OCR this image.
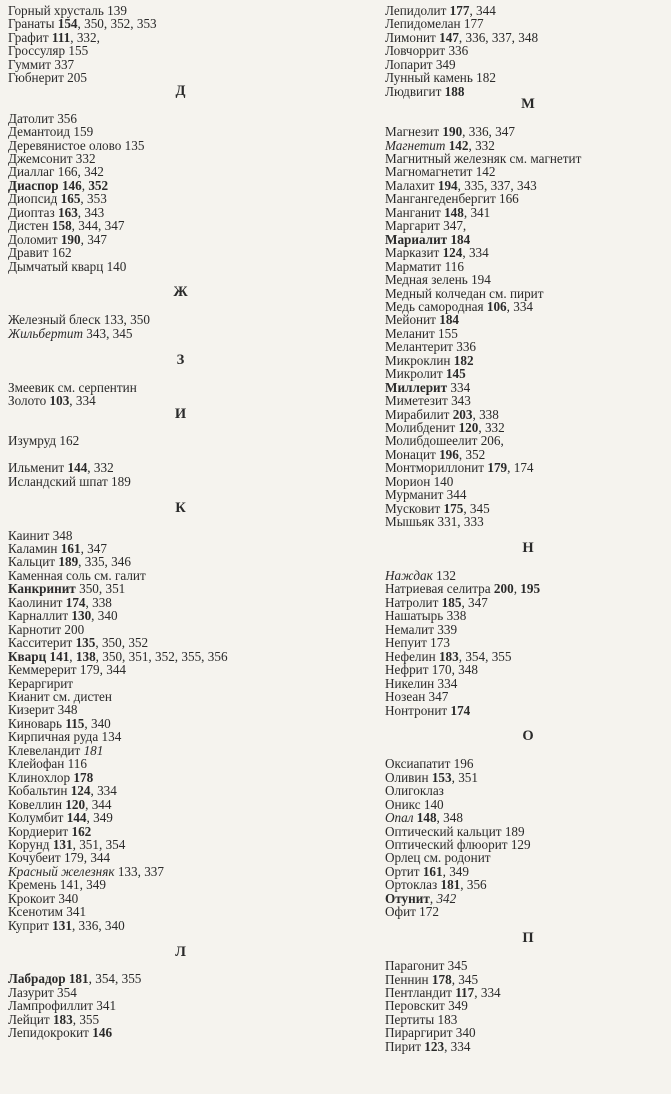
Горный хрусталь 139
Гранаты 154, 350, 352, 353
Графит 111, 332,
Гроссуляр 155
Гуммит 337
Гюбнерит 205
Д
Датолит 356
Демантоид 159
Деревянистое олово 135
Джемсонит 332
Диаллаг 166, 342
Диаспор 146, 352
Диопсид 165, 353
Диоптаз 163, 343
Дистен 158, 344, 347
Доломит 190, 347
Дравит 162
Дымчатый кварц 140
Ж
Железный блеск 133, 350
Жильбертит 343, 345
З
Змеевик см. серпентин
Золото 103, 334
И
Изумруд 162
Ильменит 144, 332
Исландский шпат 189
К
Каинит 348
Каламин 161, 347
Кальцит 189, 335, 346
Каменная соль см. галит
Канкринит 350, 351
Каолинит 174, 338
Карналлит 130, 340
Карнотит 200
Касситерит 135, 350, 352
Кварц 141, 138, 350, 351, 352, 355, 356
Кеммерерит 179, 344
Кераргирит
Кианит см. дистен
Кизерит 348
Киноварь 115, 340
Кирпичная руда 134
Клевеландит 181
Клейофан 116
Клинохлор 178
Кобальтин 124, 334
Ковеллин 120, 344
Колумбит 144, 349
Кордиерит 162
Корунд 131, 351, 354
Кочубеит 179, 344
Красный железняк 133, 337
Кремень 141, 349
Крокоит 340
Ксенотим 341
Куприт 131, 336, 340
Л
Лабрадор 181, 354, 355
Лазурит 354
Лампрофиллит 341
Лейцит 183, 355
Лепидокрокит 146
Лепидолит 177, 344
Лепидомелан 177
Лимонит 147, 336, 337, 348
Ловчоррит 336
Лопарит 349
Лунный камень 182
Людвигит 188
М
Магнезит 190, 336, 347
Магнетит 142, 332
Магнитный железняк см. магнетит
Магномагнетит 142
Малахит 194, 335, 337, 343
Мангангеденбергит 166
Манганит 148, 341
Маргарит 347,
Мариалит 184
Марказит 124, 334
Марматит 116
Медная зелень 194
Медный колчедан см. пирит
Медь самородная 106, 334
Мейонит 184
Меланит 155
Мелантерит 336
Микроклин 182
Микролит 145
Миллерит 334
Миметезит 343
Мирабилит 203, 338
Молибденит 120, 332
Молибдошеелит 206,
Монацит 196, 352
Монтмориллонит 179, 174
Морион 140
Мурманит 344
Мусковит 175, 345
Мышьяк 331, 333
Н
Наждак 132
Натриевая селитра 200, 195
Натролит 185, 347
Нашатырь 338
Немалит 339
Непуит 173
Нефелин 183, 354, 355
Нефрит 170, 348
Никелин 334
Нозеан 347
Нонтронит 174
О
Оксиапатит 196
Оливин 153, 351
Олигоклаз
Оникс 140
Опал 148, 348
Оптический кальцит 189
Оптический флюорит 129
Орлец см. родонит
Ортит 161, 349
Ортоклаз 181, 356
Отунит, 342
Офит 172
П
Парагонит 345
Пеннин 178, 345
Пентландит 117, 334
Перовскит 349
Пертиты 183
Пираргирит 340
Пирит 123, 334
